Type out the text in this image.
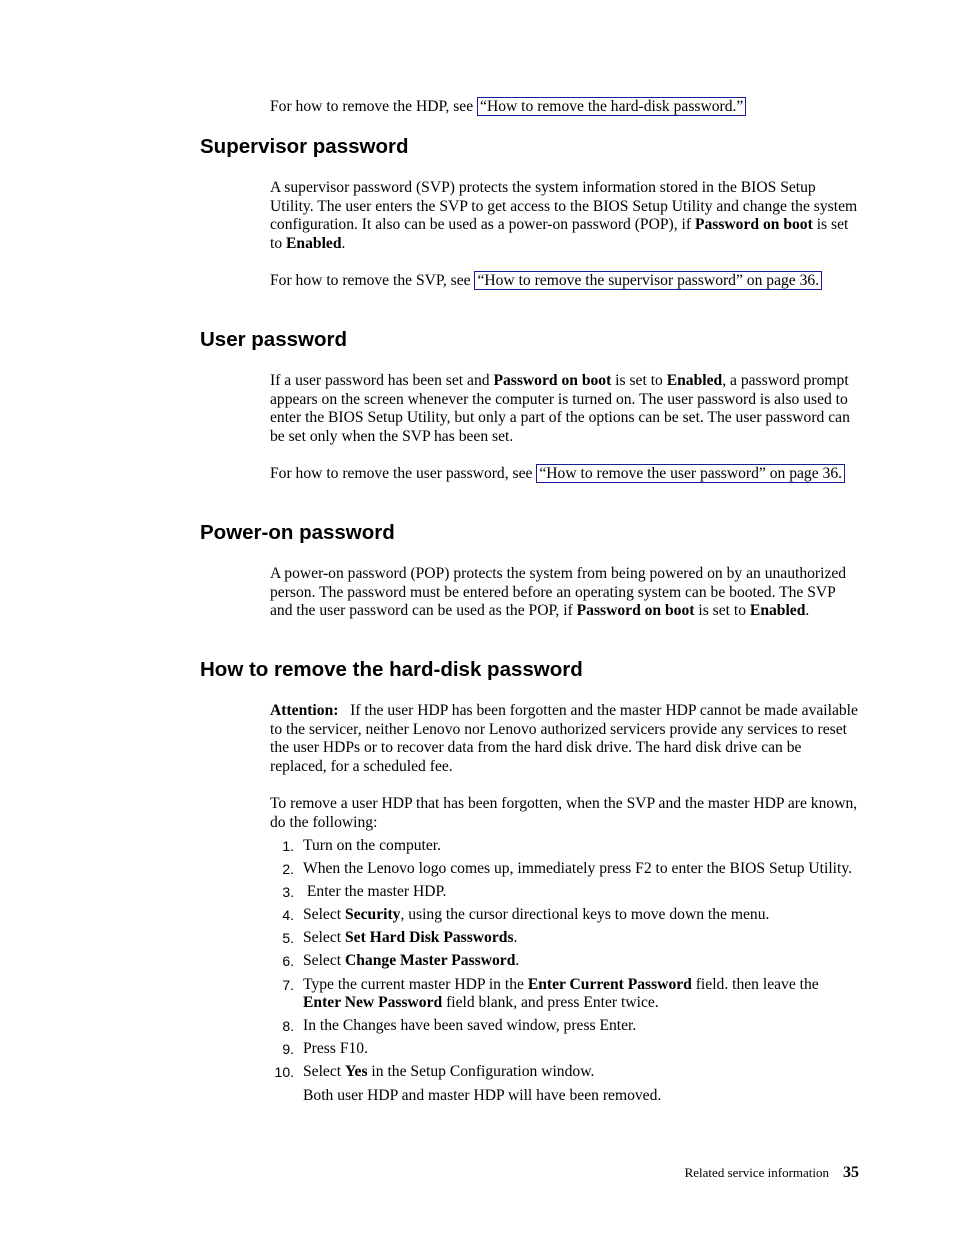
For how to remove the HDP, see “How to remove the hard-disk password.”

Supervisor password

A supervisor password (SVP) protects the system information stored in the BIOS Setup Utility. The user enters the SVP to get access to the BIOS Setup Utility and change the system configuration. It also can be used as a power-on password (POP), if Password on boot is set to Enabled.

For how to remove the SVP, see “How to remove the supervisor password” on page 36.

User password

If a user password has been set and Password on boot is set to Enabled, a password prompt appears on the screen whenever the computer is turned on. The user password is also used to enter the BIOS Setup Utility, but only a part of the options can be set. The user password can be set only when the SVP has been set.

For how to remove the user password, see “How to remove the user password” on page 36.

Power-on password

A power-on password (POP) protects the system from being powered on by an unauthorized person. The password must be entered before an operating system can be booted. The SVP and the user password can be used as the POP, if Password on boot is set to Enabled.

How to remove the hard-disk password

Attention: If the user HDP has been forgotten and the master HDP cannot be made available to the servicer, neither Lenovo nor Lenovo authorized servicers provide any services to reset the user HDPs or to recover data from the hard disk drive. The hard disk drive can be replaced, for a scheduled fee.

To remove a user HDP that has been forgotten, when the SVP and the master HDP are known, do the following:

1. Turn on the computer.
2. When the Lenovo logo comes up, immediately press F2 to enter the BIOS Setup Utility.
3. Enter the master HDP.
4. Select Security, using the cursor directional keys to move down the menu.
5. Select Set Hard Disk Passwords.
6. Select Change Master Password.
7. Type the current master HDP in the Enter Current Password field. then leave the Enter New Password field blank, and press Enter twice.
8. In the Changes have been saved window, press Enter.
9. Press F10.
10. Select Yes in the Setup Configuration window.
Both user HDP and master HDP will have been removed.
Related service information 35
